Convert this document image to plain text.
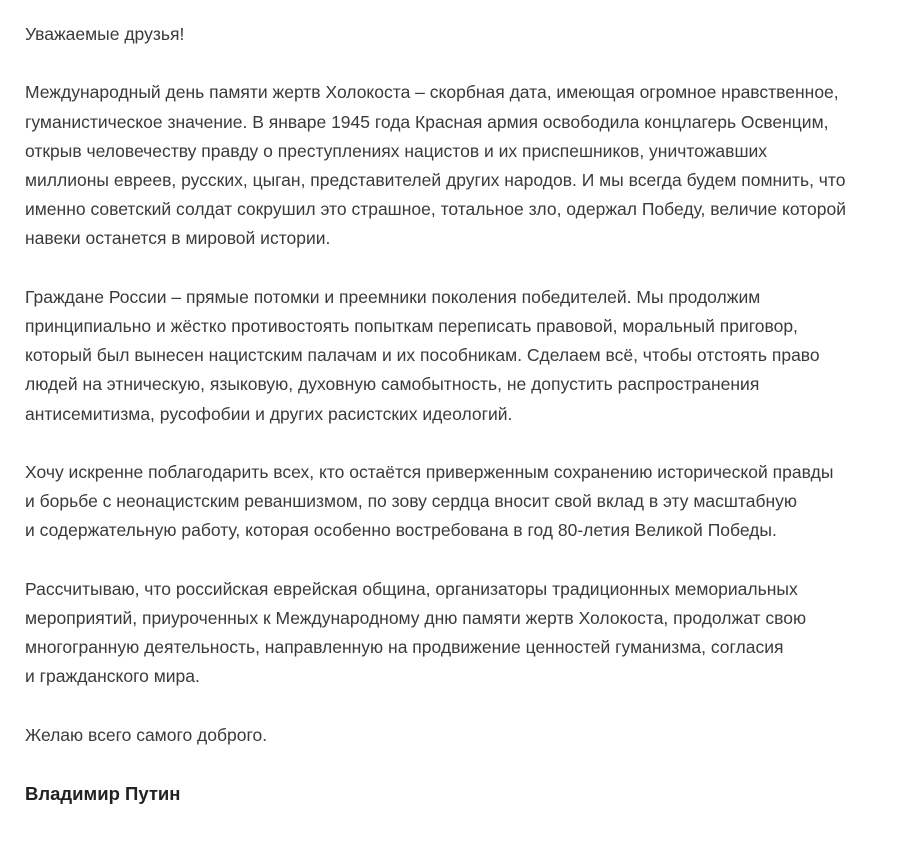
Уважаемые друзья!

Международный день памяти жертв Холокоста – скорбная дата, имеющая огромное нравственное,
гуманистическое значение. В январе 1945 года Красная армия освободила концлагерь Освенцим,
открыв человечеству правду о преступлениях нацистов и их приспешников, уничтожавших
миллионы евреев, русских, цыган, представителей других народов. И мы всегда будем помнить, что
именно советский солдат сокрушил это страшное, тотальное зло, одержал Победу, величие которой
навеки останется в мировой истории.

Граждане России – прямые потомки и преемники поколения победителей. Мы продолжим
принципиально и жёстко противостоять попыткам переписать правовой, моральный приговор,
который был вынесен нацистским палачам и их пособникам. Сделаем всё, чтобы отстоять право
людей на этническую, языковую, духовную самобытность, не допустить распространения
антисемитизма, русофобии и других расистских идеологий.

Хочу искренне поблагодарить всех, кто остаётся приверженным сохранению исторической правды
и борьбе с неонацистским реваншизмом, по зову сердца вносит свой вклад в эту масштабную
и содержательную работу, которая особенно востребована в год 80-летия Великой Победы.

Рассчитываю, что российская еврейская община, организаторы традиционных мемориальных
мероприятий, приуроченных к Международному дню памяти жертв Холокоста, продолжат свою
многогранную деятельность, направленную на продвижение ценностей гуманизма, согласия
и гражданского мира.

Желаю всего самого доброго.

Владимир Путин
